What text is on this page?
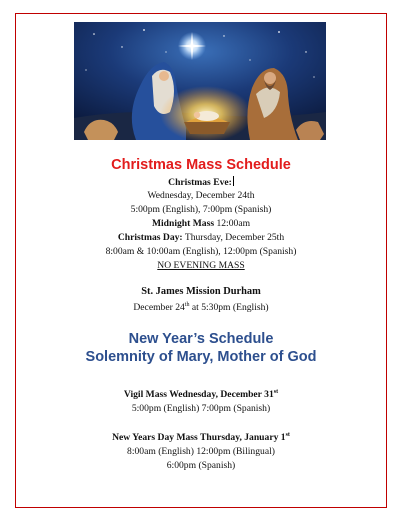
Christmas Mass Schedule
Christmas Eve:
Wednesday, December 24th
5:00pm (English), 7:00pm (Spanish)
Midnight Mass 12:00am
Christmas Day: Thursday, December 25th
8:00am & 10:00am (English), 12:00pm (Spanish)
NO EVENING MASS
St. James Mission Durham
December 24th at 5:30pm (English)
New Year’s Schedule
Solemnity of Mary, Mother of God
Vigil Mass Wednesday, December 31st
5:00pm (English) 7:00pm (Spanish)
New Years Day Mass Thursday, January 1st
8:00am (English) 12:00pm (Bilingual)
6:00pm (Spanish)
